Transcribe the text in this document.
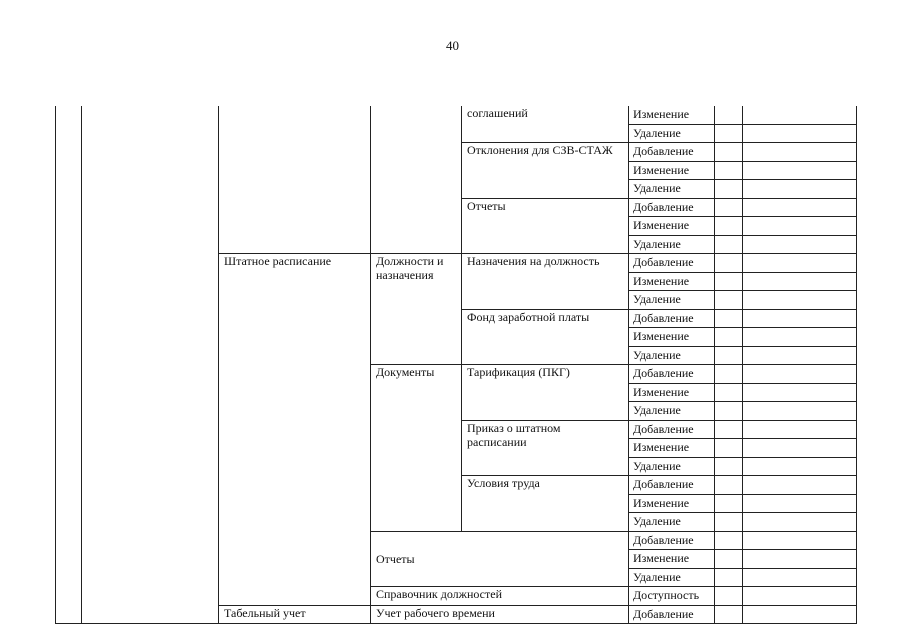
40
				соглашений	Изменение		
					Удаление		
				Отклонения для СЗВ-СТАЖ	Добавление		
					Изменение		
					Удаление		
				Отчеты	Добавление		
					Изменение		
					Удаление		
		Штатное расписание	Должности и назначения	Назначения на должность	Добавление		
					Изменение		
					Удаление		
				Фонд заработной платы	Добавление		
					Изменение		
					Удаление		
			Документы	Тарификация (ПКГ)	Добавление		
					Изменение		
					Удаление		
				Приказ о штатном расписании	Добавление		
					Изменение		
					Удаление		
				Условия труда	Добавление		
					Изменение		
					Удаление		
			Отчеты		Добавление		
					Изменение		
					Удаление		
			Справочник должностей		Доступность		
		Табельный учет	Учет рабочего времени		Добавление		
